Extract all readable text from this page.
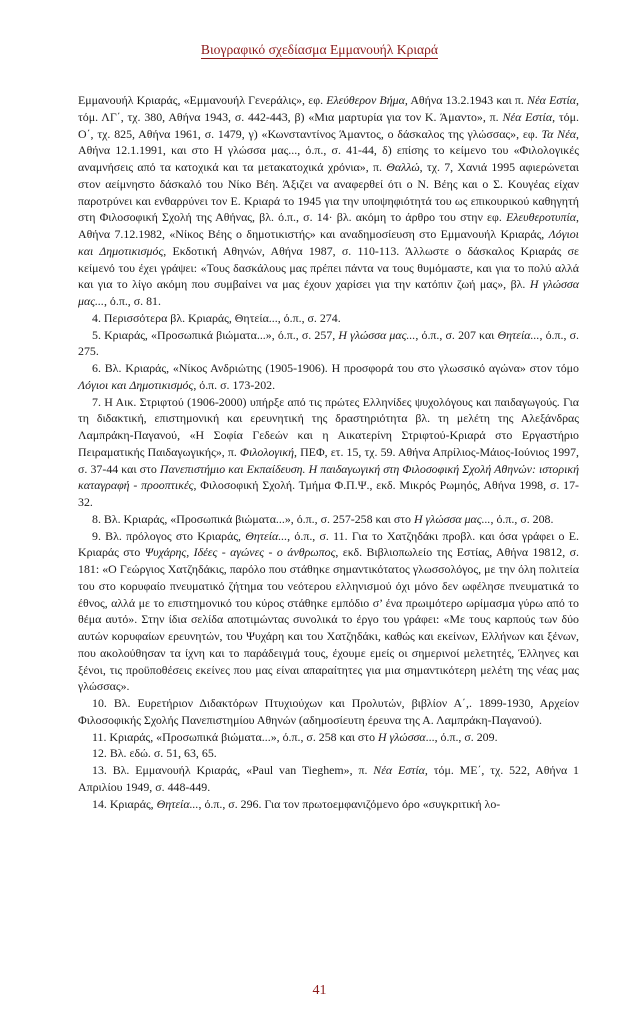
Βιογραφικό σχεδίασμα Εμμανουήλ Κριαρά

Εμμανουήλ Κριαράς, «Εμμανουήλ Γενεράλις», εφ. Ελεύθερον Βήμα, Αθήνα 13.2.1943 και π. Νέα Εστία, τόμ. ΛΓ΄, τχ. 380, Αθήνα 1943, σ. 442-443, β) «Μια μαρτυρία για τον Κ. Άμαντο», π. Νέα Εστία, τόμ. Ο΄, τχ. 825, Αθήνα 1961, σ. 1479, γ) «Κωνσταντίνος Άμαντος, ο δάσκαλος της γλώσσας», εφ. Τα Νέα, Αθήνα 12.1.1991, και στο Η γλώσσα μας..., ό.π., σ. 41-44, δ) επίσης το κείμενο του «Φιλολογικές αναμνήσεις από τα κατοχικά και τα μετακατοχικά χρόνια», π. Θαλλώ, τχ. 7, Χανιά 1995 αφιερώνεται στον αείμνηστο δάσκαλό του Νίκο Βέη. Άξιζει να αναφερθεί ότι ο Ν. Βέης και ο Σ. Κουγέας είχαν παροτρύνει και ενθαρρύνει τον Ε. Κριαρά το 1945 για την υποψηφιότητά του ως επικουρικού καθηγητή στη Φιλοσοφική Σχολή της Αθήνας, βλ. ό.π., σ. 14· βλ. ακόμη το άρθρο του στην εφ. Ελευθεροτυπία, Αθήνα 7.12.1982, «Νίκος Βέης ο δημοτικιστής» και αναδημοσίευση στο Εμμανουήλ Κριαράς, Λόγιοι και Δημοτικισμός, Εκδοτική Αθηνών, Αθήνα 1987, σ. 110-113. Άλλωστε ο δάσκαλος Κριαράς σε κείμενό του έχει γράψει: «Τους δασκάλους μας πρέπει πάντα να τους θυμόμαστε, και για το πολύ αλλά και για το λίγο ακόμη που συμβαίνει να μας έχουν χαρίσει για την κατόπιν ζωή μας», βλ. Η γλώσσα μας..., ό.π., σ. 81.

4. Περισσότερα βλ. Κριαράς, Θητεία..., ό.π., σ. 274.

5. Κριαράς, «Προσωπικά βιώματα...», ό.π., σ. 257, Η γλώσσα μας..., ό.π., σ. 207 και Θητεία..., ό.π., σ. 275.

6. Βλ. Κριαράς, «Νίκος Ανδριώτης (1905-1906). Η προσφορά του στο γλωσσικό αγώνα» στον τόμο Λόγιοι και Δημοτικισμός, ό.π. σ. 173-202.

7. Η Αικ. Στριφτού (1906-2000) υπήρξε από τις πρώτες Ελληνίδες ψυχολόγους και παιδαγωγούς. Για τη διδακτική, επιστημονική και ερευνητική της δραστηριότητα βλ. τη μελέτη της Αλεξάνδρας Λαμπράκη-Παγανού, «Η Σοφία Γεδεών και η Αικατερίνη Στριφτού-Κριαρά στο Εργαστήριο Πειραματικής Παιδαγωγικής», π. Φιλολογική, ΠΕΦ, ετ. 15, τχ. 59. Αθήνα Απρίλιος-Μάιος-Ιούνιος 1997, σ. 37-44 και στο Πανεπιστήμιο και Εκπαίδευση. Η παιδαγωγική στη Φιλοσοφική Σχολή Αθηνών: ιστορική καταγραφή - προοπτικές, Φιλοσοφική Σχολή. Τμήμα Φ.Π.Ψ., εκδ. Μικρός Ρωμηός, Αθήνα 1998, σ. 17-32.

8. Βλ. Κριαράς, «Προσωπικά βιώματα...», ό.π., σ. 257-258 και στο Η γλώσσα μας..., ό.π., σ. 208.

9. Βλ. πρόλογος στο Κριαράς, Θητεία..., ό.π., σ. 11. Για το Χατζηδάκι προβλ. και όσα γράφει ο Ε. Κριαράς στο Ψυχάρης, Ιδέες - αγώνες - ο άνθρωπος, εκδ. Βιβλιοπωλείο της Εστίας, Αθήνα 19812, σ. 181: «Ο Γεώργιος Χατζηδάκις, παρόλο που στάθηκε σημαντικότατος γλωσσολόγος, με την όλη πολιτεία του στο κορυφαίο πνευματικό ζήτημα του νεότερου ελληνισμού όχι μόνο δεν ωφέλησε πνευματικά το έθνος, αλλά με το επιστημονικό του κύρος στάθηκε εμπόδιο σ’ ένα πρωιμότερο ωρίμασμα γύρω από το θέμα αυτό». Στην ίδια σελίδα αποτιμώντας συνολικά το έργο του γράφει: «Με τους καρπούς των δύο αυτών κορυφαίων ερευνητών, του Ψυχάρη και του Χατζηδάκι, καθώς και εκείνων, Ελλήνων και ξένων, που ακολούθησαν τα ίχνη και το παράδειγμά τους, έχουμε εμείς οι σημερινοί μελετητές, Έλληνες και ξένοι, τις προϋποθέσεις εκείνες που μας είναι απαραίτητες για μια σημαντικότερη μελέτη της νέας μας γλώσσας».

10. Βλ. Ευρετήριον Διδακτόρων Πτυχιούχων και Προλυτών, βιβλίον Α΄,. 1899-1930, Αρχείον Φιλοσοφικής Σχολής Πανεπιστημίου Αθηνών (αδημοσίευτη έρευνα της Α. Λαμπράκη-Παγανού).

11. Κριαράς, «Προσωπικά βιώματα...», ό.π., σ. 258 και στο Η γλώσσα..., ό.π., σ. 209.

12. Βλ. εδώ. σ. 51, 63, 65.

13. Βλ. Εμμανουήλ Κριαράς, «Paul van Tieghem», π. Νέα Εστία, τόμ. ΜΕ΄, τχ. 522, Αθήνα 1 Απριλίου 1949, σ. 448-449.

14. Κριαράς, Θητεία..., ό.π., σ. 296. Για τον πρωτοεμφανιζόμενο όρο «συγκριτική λο-

41
